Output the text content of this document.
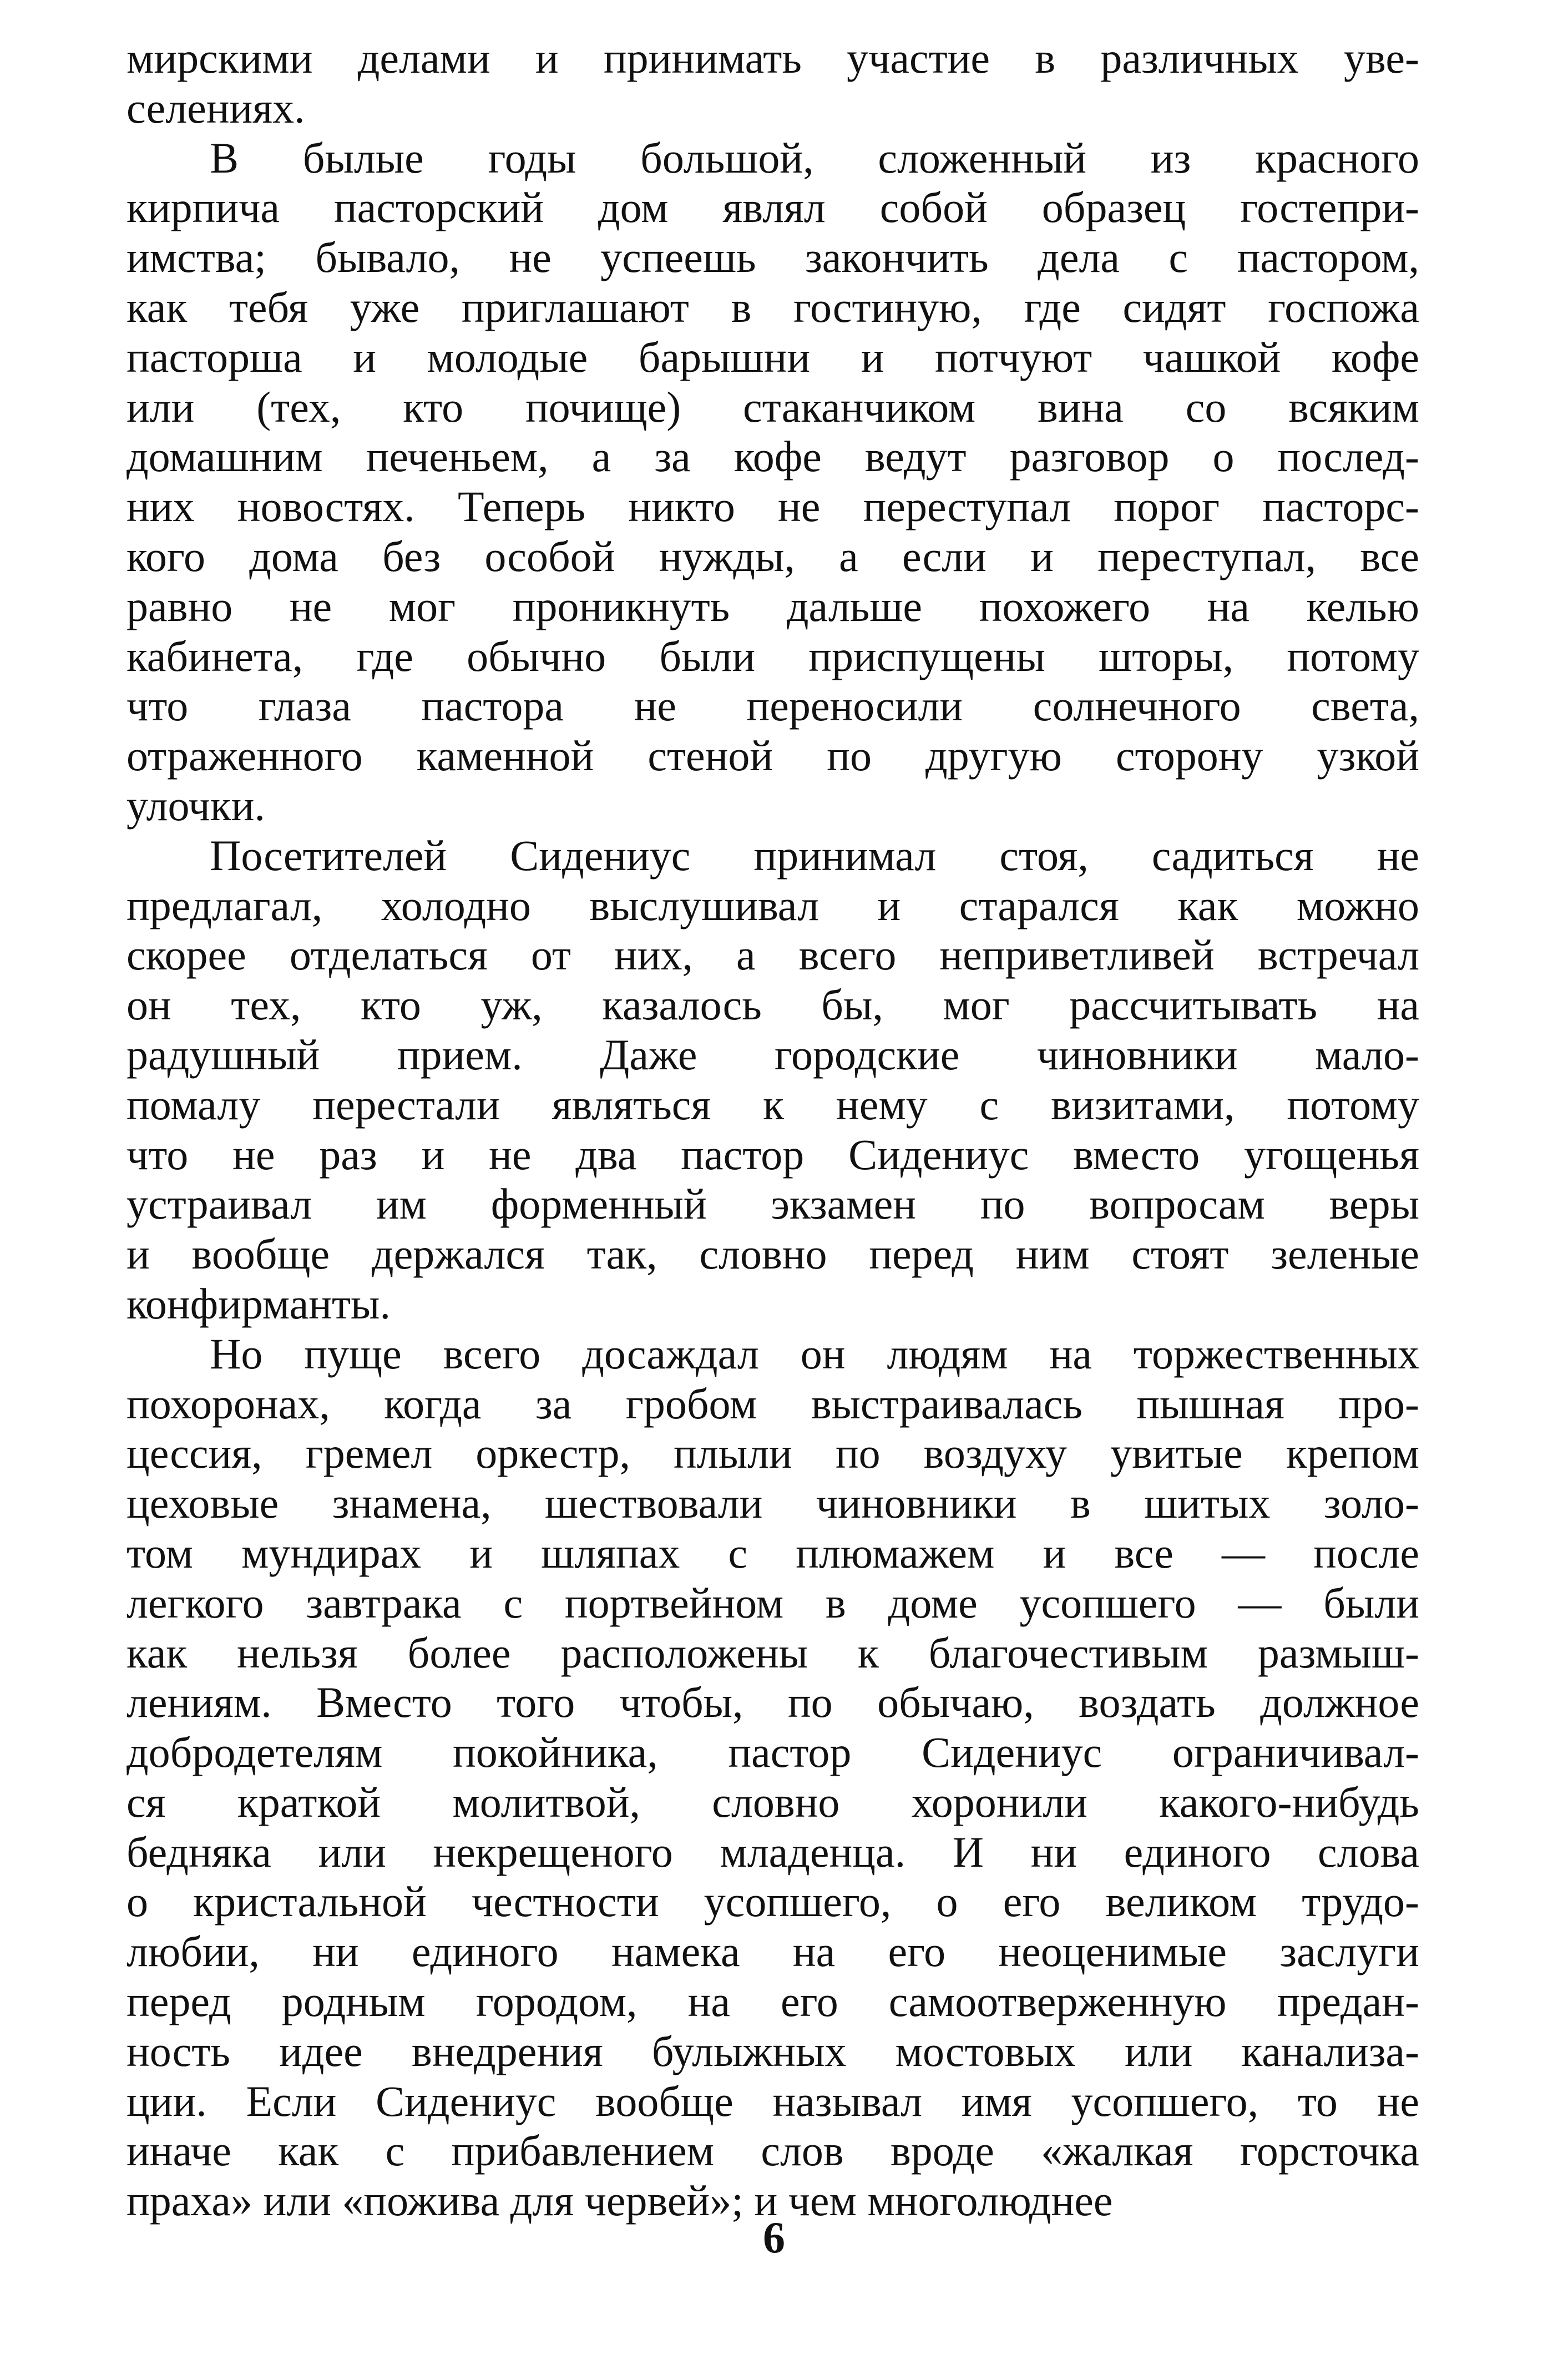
мирскими делами и принимать участие в различных уве-
селениях.
В былые годы большой, сложенный из красного
кирпича пасторский дом являл собой образец гостепри-
имства; бывало, не успеешь закончить дела с пастором,
как тебя уже приглашают в гостиную, где сидят госпожа
пасторша и молодые барышни и потчуют чашкой кофе
или (тех, кто почище) стаканчиком вина со всяким
домашним печеньем, а за кофе ведут разговор о послед-
них новостях. Теперь никто не переступал порог пасторс-
кого дома без особой нужды, а если и переступал, все
равно не мог проникнуть дальше похожего на келью
кабинета, где обычно были приспущены шторы, потому
что глаза пастора не переносили солнечного света,
отраженного каменной стеной по другую сторону узкой
улочки.
Посетителей Сидениус принимал стоя, садиться не
предлагал, холодно выслушивал и старался как можно
скорее отделаться от них, а всего неприветливей встречал
он тех, кто уж, казалось бы, мог рассчитывать на
радушный прием. Даже городские чиновники мало-
помалу перестали являться к нему с визитами, потому
что не раз и не два пастор Сидениус вместо угощенья
устраивал им форменный экзамен по вопросам веры
и вообще держался так, словно перед ним стоят зеленые
конфирманты.
Но пуще всего досаждал он людям на торжественных
похоронах, когда за гробом выстраивалась пышная про-
цессия, гремел оркестр, плыли по воздуху увитые крепом
цеховые знамена, шествовали чиновники в шитых золо-
том мундирах и шляпах с плюмажем и все — после
легкого завтрака с портвейном в доме усопшего — были
как нельзя более расположены к благочестивым размыш-
лениям. Вместо того чтобы, по обычаю, воздать должное
добродетелям покойника, пастор Сидениус ограничивал-
ся краткой молитвой, словно хоронили какого-нибудь
бедняка или некрещеного младенца. И ни единого слова
о кристальной честности усопшего, о его великом трудо-
любии, ни единого намека на его неоценимые заслуги
перед родным городом, на его самоотверженную предан-
ность идее внедрения булыжных мостовых или канализа-
ции. Если Сидениус вообще называл имя усопшего, то не
иначе как с прибавлением слов вроде «жалкая горсточка
праха» или «пожива для червей»; и чем многолюднее
6
